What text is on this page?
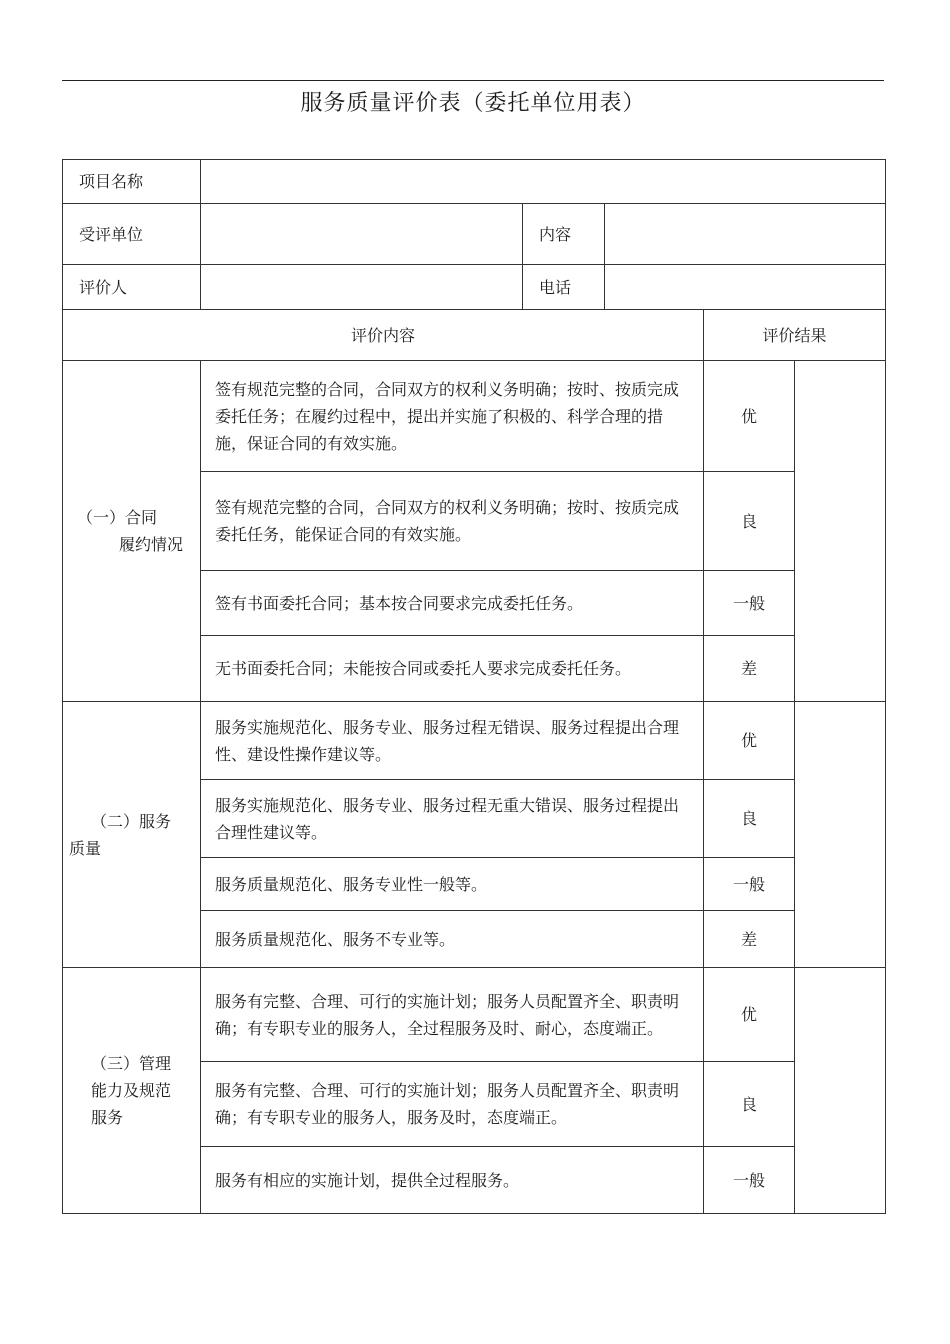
服务质量评价表（委托单位用表）
项目名称					
受评单位		内容			
评价人		电话			
评价内容				评价结果	

（一）合同
履约情况	签有规范完整的合同，合同双方的权利义务明确；按时、按质完成委托任务；在履约过程中，提出并实施了积极的、科学合理的措施，保证合同的有效实施。			优	
	签有规范完整的合同，合同双方的权利义务明确；按时、按质完成委托任务，能保证合同的有效实施。			良	
	签有书面委托合同；基本按合同要求完成委托任务。			一般	
	无书面委托合同；未能按合同或委托人要求完成委托任务。			差	

（二）服务
质量	服务实施规范化、服务专业、服务过程无错误、服务过程提出合理性、建设性操作建议等。			优	
	服务实施规范化、服务专业、服务过程无重大错误、服务过程提出合理性建议等。			良	
	服务质量规范化、服务专业性一般等。			一般	
	服务质量规范化、服务不专业等。			差	

（三）管理
能力及规范
服务	服务有完整、合理、可行的实施计划；服务人员配置齐全、职责明确；有专职专业的服务人，全过程服务及时、耐心，态度端正。			优	
	服务有完整、合理、可行的实施计划；服务人员配置齐全、职责明确；有专职专业的服务人，服务及时，态度端正。			良	
	服务有相应的实施计划，提供全过程服务。			一般	
